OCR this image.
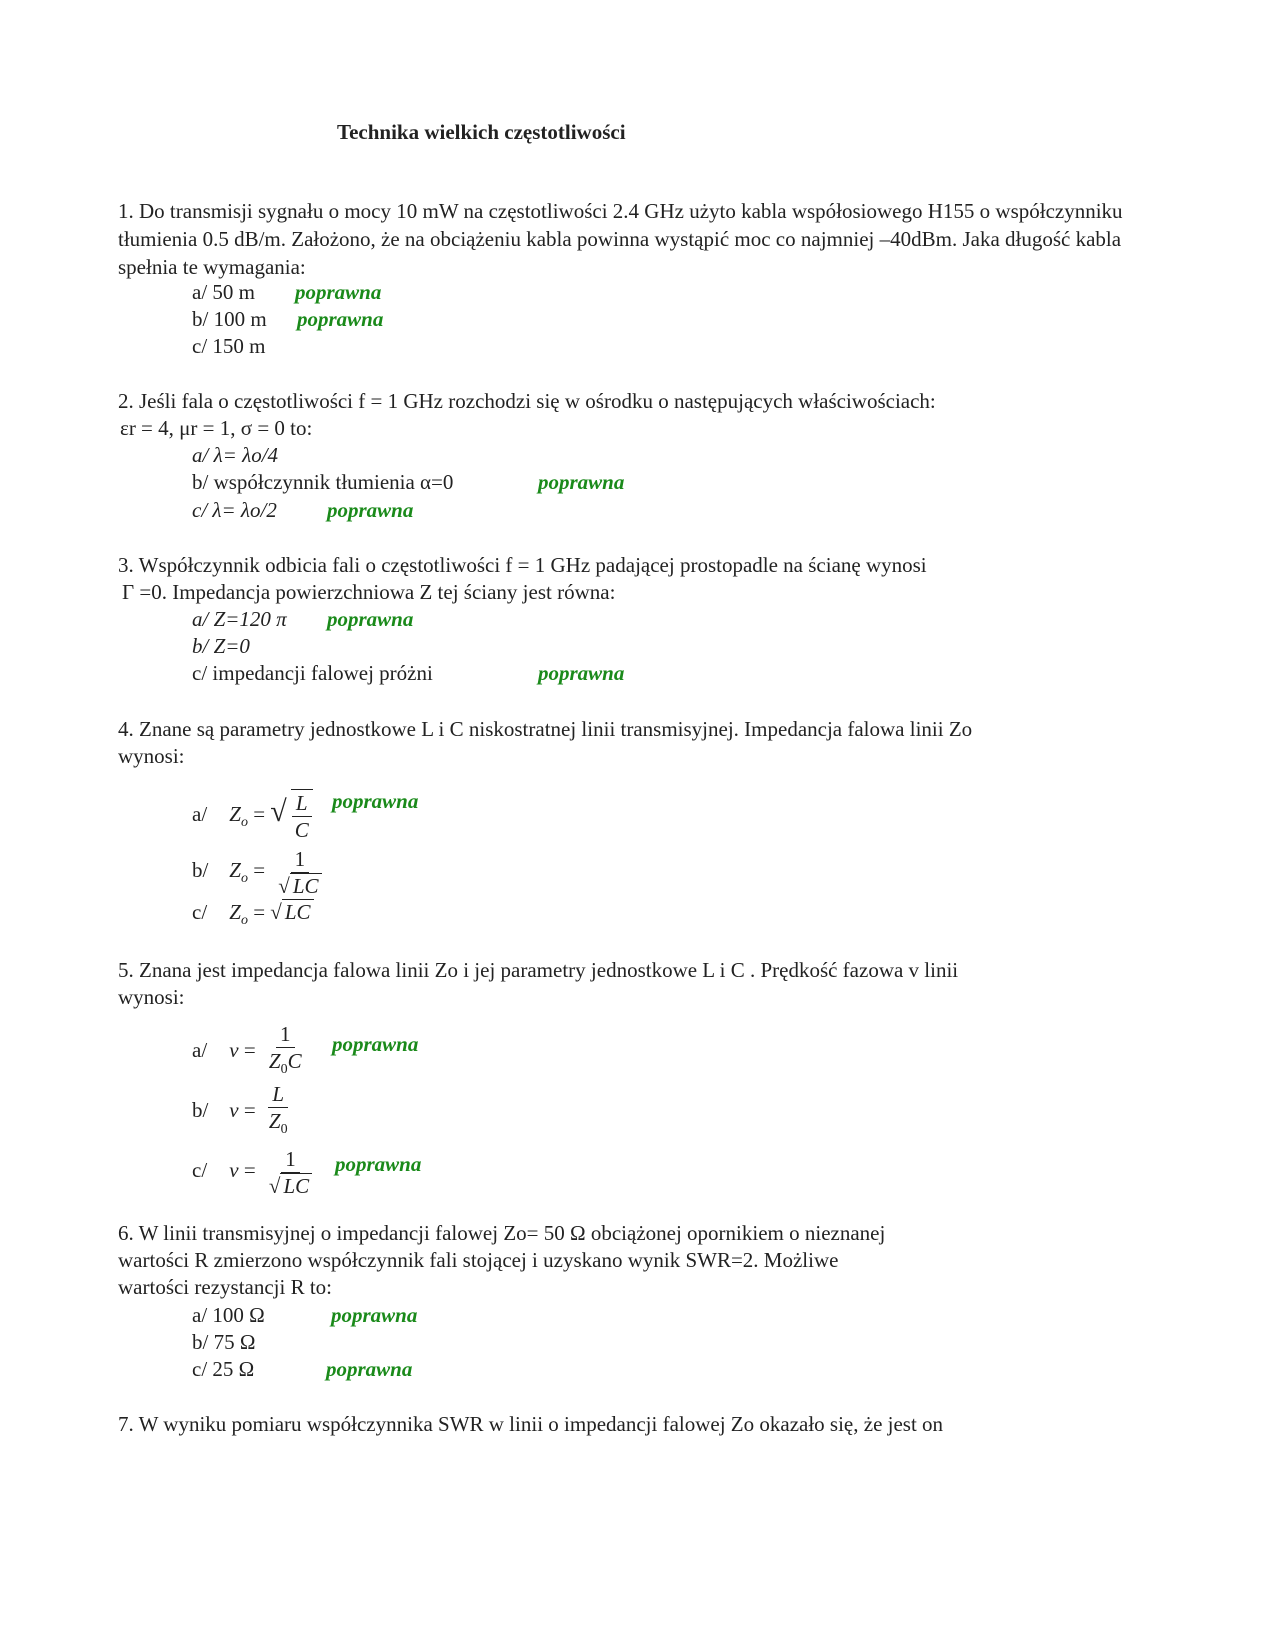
Technika wielkich częstotliwości
1. Do transmisji sygnału o mocy 10 mW na częstotliwości 2.4 GHz użyto kabla współosiowego H155 o współczynniku tłumienia 0.5 dB/m. Założono, że na obciążeniu kabla powinna wystąpić moc co najmniej –40dBm. Jaka długość kabla spełnia te wymagania:
a/ 50 m poprawna
b/ 100 m poprawna
c/ 150 m
2. Jeśli fala o częstotliwości f = 1 GHz rozchodzi się w ośrodku o następujących właściwościach:
εr = 4, μr = 1, σ = 0 to:
a/ λ= λo/4
b/ współczynnik tłumienia α=0	poprawna
c/ λ= λo/2 poprawna
3. Współczynnik odbicia fali o częstotliwości f = 1 GHz padającej prostopadle na ścianę wynosi
Γ =0. Impedancja powierzchniowa Z tej ściany jest równa:
a/ Z=120 π poprawna
b/ Z=0
c/ impedancji falowej próżni	poprawna
4. Znane są parametry jednostkowe L i C niskostratnej linii transmisyjnej. Impedancja falowa linii Zo
wynosi:
a/ $Z_o$ = √ $\frac{L}{C}$ poprawna
b/ $Z_o = \frac{1}{√ LC}$
c/ $Z_o$ = √ LC
5. Znana jest impedancja falowa linii Zo i jej parametry jednostkowe L i C . Prędkość fazowa v linii
wynosi:
a/ $v = \frac{1}{Z_0C}$ poprawna
b/ $v = \frac{L}{Z_0}$
c/ $v = \frac{1}{√ LC}$ poprawna
6. W linii transmisyjnej o impedancji falowej Zo= 50 Ω obciążonej opornikiem o nieznanej
wartości R zmierzono współczynnik fali stojącej i uzyskano wynik SWR=2. Możliwe
wartości rezystancji R to:
a/ 100 Ω	poprawna
b/ 75 Ω
c/ 25 Ω	poprawna
7. W wyniku pomiaru współczynnika SWR w linii o impedancji falowej Zo okazało się, że jest on
